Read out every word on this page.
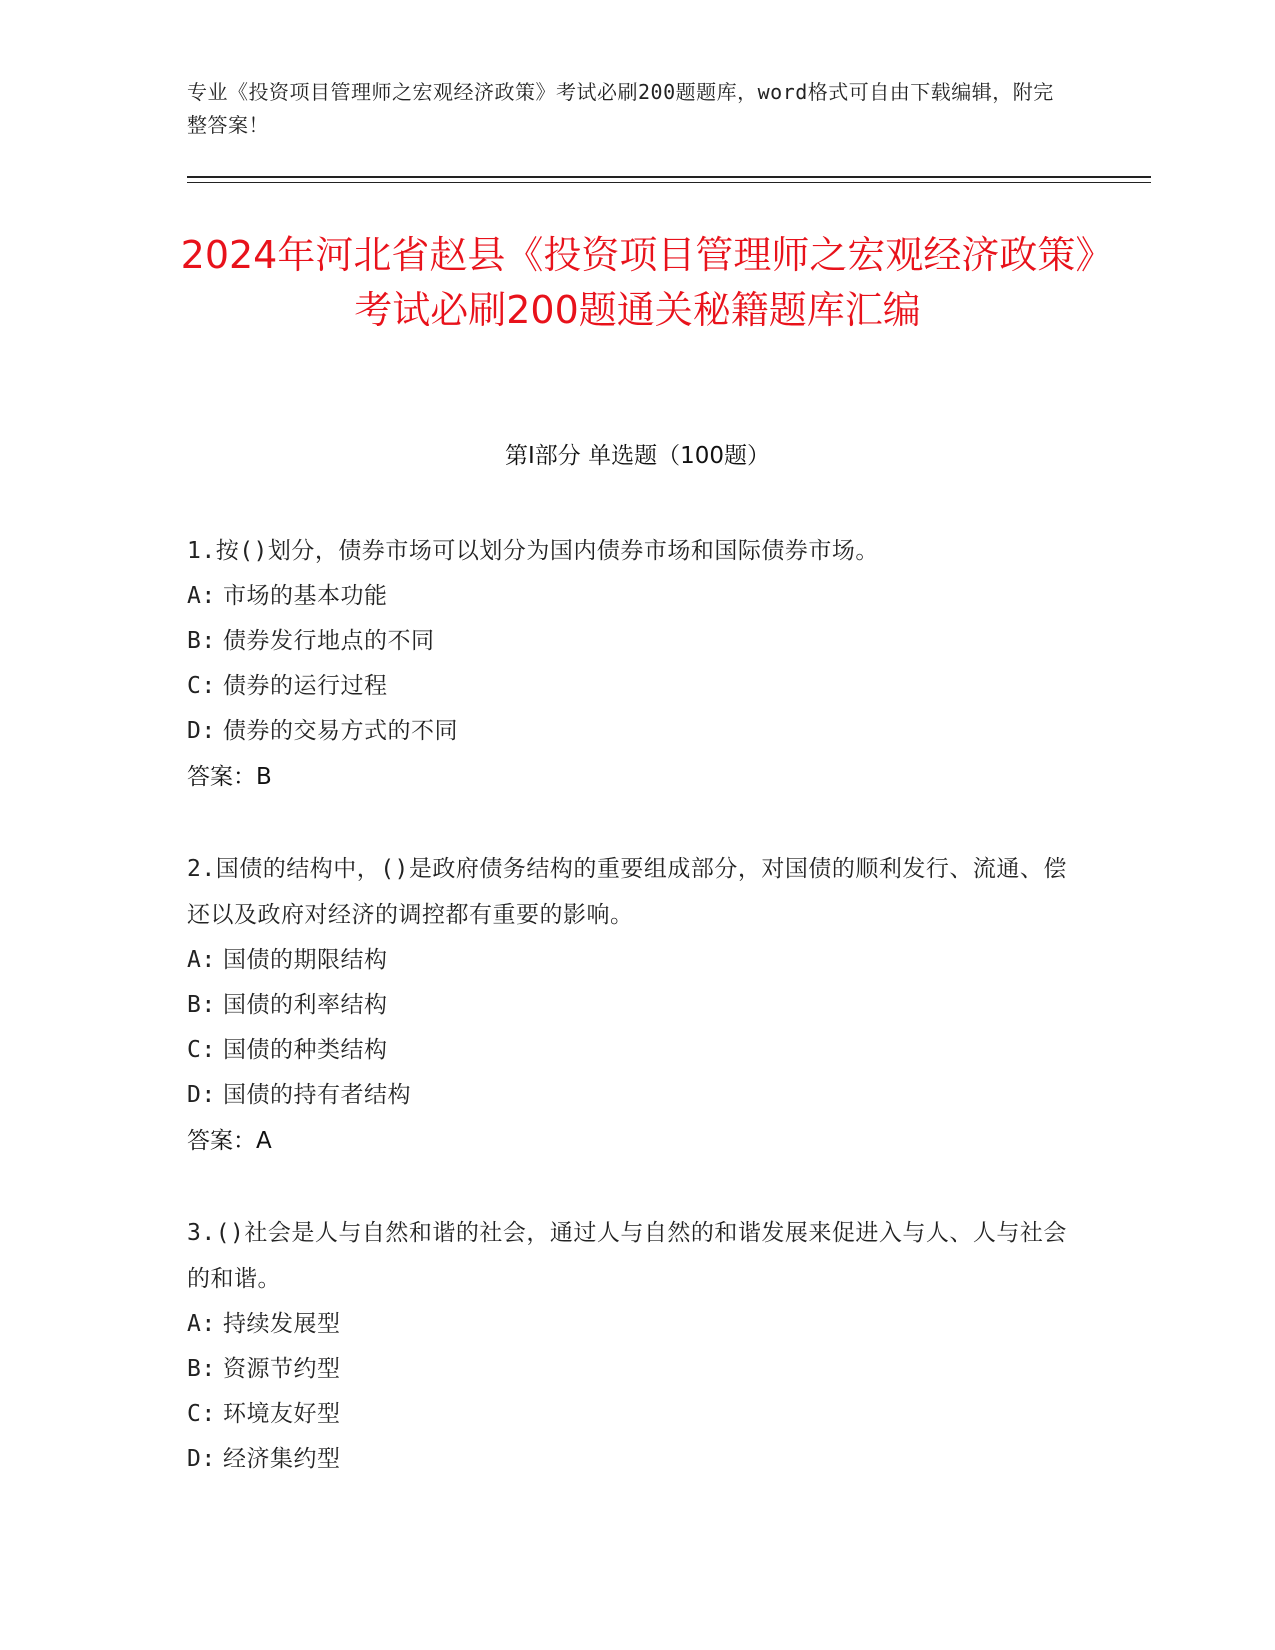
专业《投资项目管理师之宏观经济政策》考试必刷200题题库，word格式可自由下载编辑，附完整答案！
2024年河北省赵县《投资项目管理师之宏观经济政策》考试必刷200题通关秘籍题库汇编
第Ⅰ部分 单选题（100题）
1.按()划分，债券市场可以划分为国内债券市场和国际债券市场。
A: 市场的基本功能
B: 债券发行地点的不同
C: 债券的运行过程
D: 债券的交易方式的不同
答案：B
2.国债的结构中，()是政府债务结构的重要组成部分，对国债的顺利发行、流通、偿还以及政府对经济的调控都有重要的影响。
A: 国债的期限结构
B: 国债的利率结构
C: 国债的种类结构
D: 国债的持有者结构
答案：A
3.()社会是人与自然和谐的社会，通过人与自然的和谐发展来促进入与人、人与社会的和谐。
A: 持续发展型
B: 资源节约型
C: 环境友好型
D: 经济集约型
